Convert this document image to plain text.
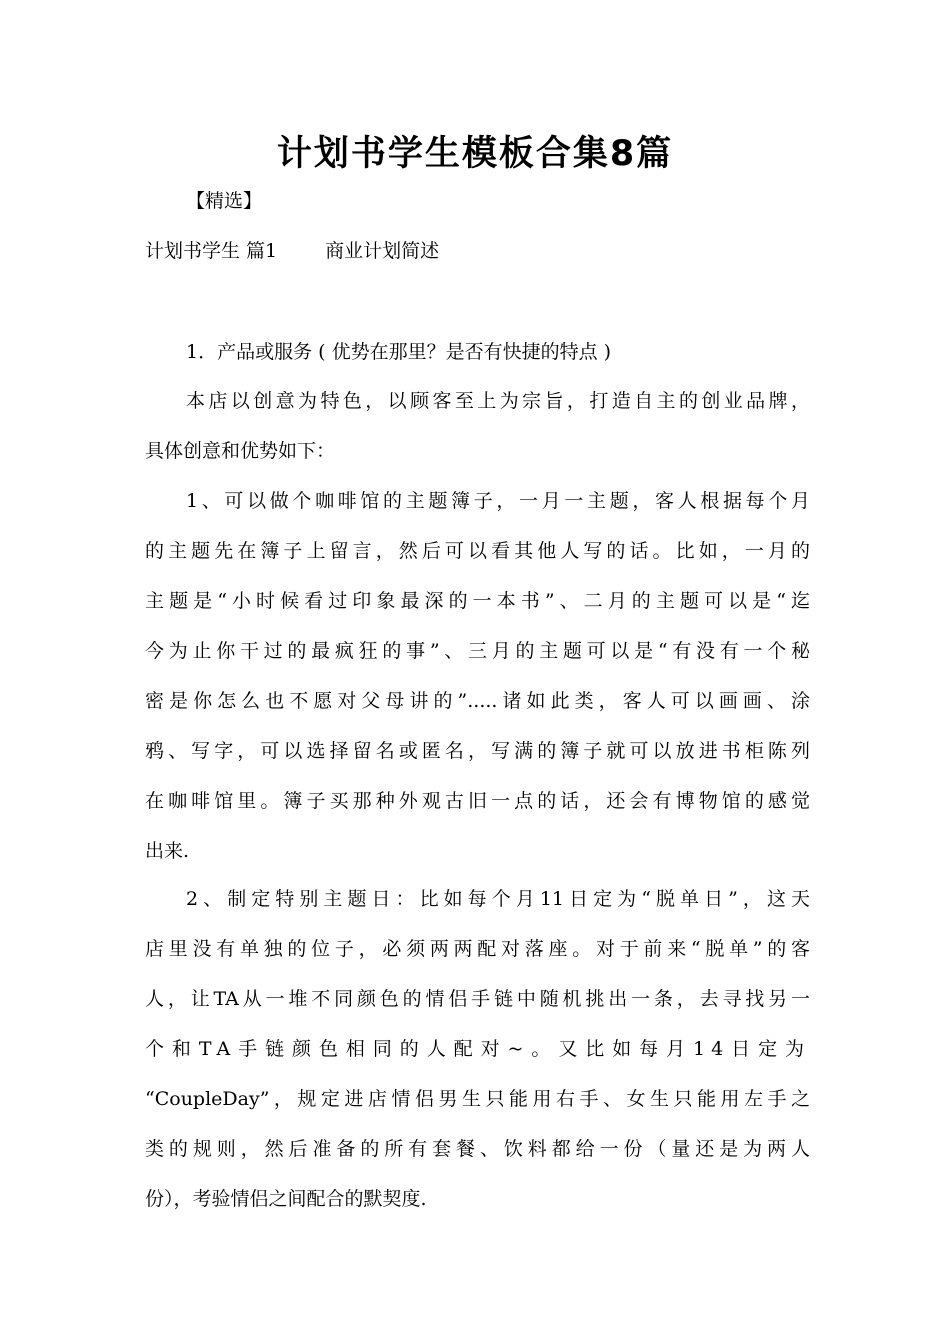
计划书学生模板合集8篇
【精选】
计划书学生 篇1	商业计划简述
1．产品或服务 ( 优势在那里？是否有快捷的特点 )
本店以创意为特色，以顾客至上为宗旨，打造自主的创业品牌，
具体创意和优势如下：
1、可以做个咖啡馆的主题簿子，一月一主题，客人根据每个月
的主题先在簿子上留言，然后可以看其他人写的话。比如，一月的
主题是“小时候看过印象最深的一本书”、二月的主题可以是“迄
今为止你干过的最疯狂的事”、三月的主题可以是“有没有一个秘
密是你怎么也不愿对父母讲的”.....诸如此类，客人可以画画、涂
鸦、写字，可以选择留名或匿名，写满的簿子就可以放进书柜陈列
在咖啡馆里。簿子买那种外观古旧一点的话，还会有博物馆的感觉
出来.
2、制定特别主题日：比如每个月11日定为“脱单日”，这天
店里没有单独的位子，必须两两配对落座。对于前来“脱单”的客
人，让TA从一堆不同颜色的情侣手链中随机挑出一条，去寻找另一
个和TA手链颜色相同的人配对~。又比如每月14日定为
“CoupleDay”，规定进店情侣男生只能用右手、女生只能用左手之
类的规则，然后准备的所有套餐、饮料都给一份（量还是为两人
份），考验情侣之间配合的默契度.
